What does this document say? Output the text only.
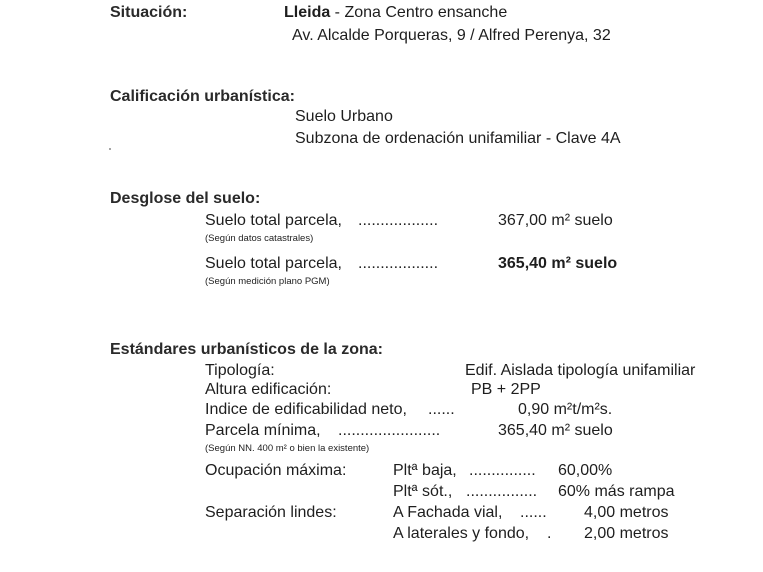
Situación:	Lleida - Zona Centro ensanche
Av. Alcalde Porqueras, 9 / Alfred Perenya, 32
Calificación urbanística:
Suelo Urbano
Subzona de ordenación unifamiliar - Clave 4A
Desglose del suelo:
Suelo total parcela, ..................	367,00 m² suelo
(Según datos catastrales)
Suelo total parcela, ..................	365,40 m² suelo
(Según medición plano PGM)
Estándares urbanísticos de la zona:
Tipología:	Edif. Aislada tipología unifamiliar
Altura edificación:	PB + 2PP
Indice de edificabilidad neto, ......	0,90 m²t/m²s.
Parcela mínima, .......................	365,40 m² suelo
(Según NN. 400 m² o bien la existente)
Ocupación máxima:	Pltª baja, ............... 60,00%
Pltª sót., ................ 60% más rampa
Separación lindes:	A Fachada vial, ...... 4,00 metros
A laterales y fondo, . 2,00 metros
